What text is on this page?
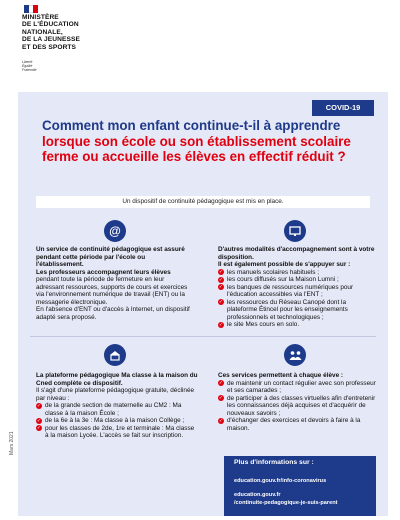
MINISTÈRE
DE L'ÉDUCATION
NATIONALE,
DE LA JEUNESSE
ET DES SPORTS
Liberté
Égalité
Fraternité
Mars 2021
COVID-19
Comment mon enfant continue-t-il à apprendre lorsque son école ou son établissement scolaire ferme ou accueille les élèves en effectif réduit ?
Un dispositif de continuité pédagogique est mis en place.
@

Un service de continuité pédagogique est assuré pendant cette période par l'école ou l'établissement.

Les professeurs accompagnent leurs élèves pendant toute la période de fermeture en leur adressant ressources, supports de cours et exercices via l'environnement numérique de travail (ENT) ou la messagerie électronique.

En l'absence d'ENT ou d'accès à Internet, un dispositif adapté sera proposé.

D'autres modalités d'accompagnement sont à votre disposition.

Il est également possible de s'appuyer sur :

✓ les manuels scolaires habituels ;
✓ les cours diffusés sur la Maison Lumni ;
✓ les banques de ressources numériques pour l'éducation accessibles via l'ENT ;
✓ les ressources du Réseau Canopé dont la plateforme Étincel pour les enseignements professionnels et technologiques ;
✓ le site Mes cours en solo.

La plateforme pédagogique Ma classe à la maison du Cned complète ce dispositif.

Il s'agit d'une plateforme pédagogique gratuite, déclinée par niveau :

✓ de la grande section de maternelle au CM2 : Ma classe à la maison École ;
✓ de la 6e à la 3e : Ma classe à la maison Collège ;
✓ pour les classes de 2de, 1re et terminale : Ma classe à la maison Lycée. L'accès se fait sur inscription.

Ces services permettent à chaque élève :

✓ de maintenir un contact régulier avec son professeur et ses camarades ;
✓ de participer à des classes virtuelles afin d'entretenir les connaissances déjà acquises et d'acquérir de nouveaux savoirs ;
✓ d'échanger des exercices et devoirs à faire à la maison.
Plus d'informations sur :
education.gouv.fr/info-coronavirus
education.gouv.fr
/continuite-pedagogique-je-suis-parent
